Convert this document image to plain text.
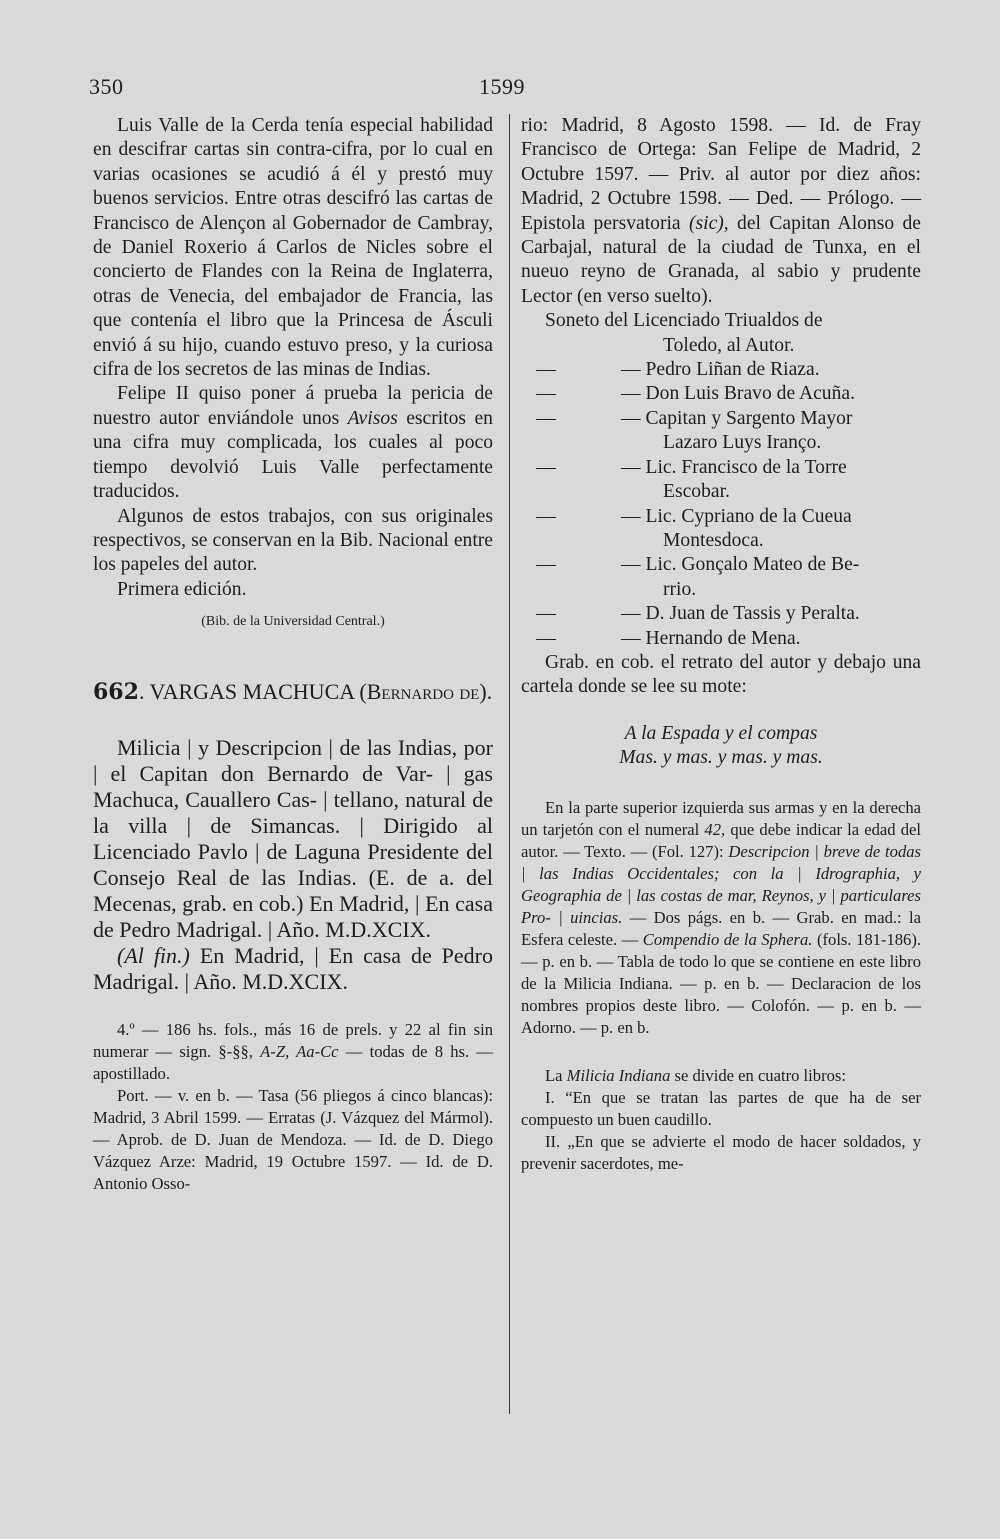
350	1599

Luis Valle de la Cerda tenía especial habilidad en descifrar cartas sin contra-cifra, por lo cual en varias ocasiones se acudió á él y prestó muy buenos servicios. Entre otras descifró las cartas de Francisco de Alençon al Gobernador de Cambray, de Daniel Roxerio á Carlos de Nicles sobre el concierto de Flandes con la Reina de Inglaterra, otras de Venecia, del embajador de Francia, las que contenía el libro que la Princesa de Ásculi envió á su hijo, cuando estuvo preso, y la curiosa cifra de los secretos de las minas de Indias.

Felipe II quiso poner á prueba la pericia de nuestro autor enviándole unos Avisos escritos en una cifra muy complicada, los cuales al poco tiempo devolvió Luis Valle perfectamente traducidos.

Algunos de estos trabajos, con sus originales respectivos, se conservan en la Bib. Nacional entre los papeles del autor.

Primera edición.

(Bib. de la Universidad Central.)

662. VARGAS MACHUCA (Bernardo de).

Milicia | y Descripcion | de las Indias, por | el Capitan don Bernardo de Var- | gas Machuca, Cauallero Cas- | tellano, natural de la villa | de Simancas. | Dirigido al Licenciado Pavlo | de Laguna Presidente del Consejo Real de las Indias. (E. de a. del Mecenas, grab. en cob.) En Madrid, | En casa de Pedro Madrigal. | Año. M.D.XCIX.

(Al fin.) En Madrid, | En casa de Pedro Madrigal. | Año. M.D.XCIX.

4.º — 186 hs. fols., más 16 de prels. y 22 al fin sin numerar — sign. §-§§, A-Z, Aa-Cc — todas de 8 hs. — apostillado.

Port. — v. en b. — Tasa (56 pliegos á cinco blancas): Madrid, 3 Abril 1599. — Erratas (J. Vázquez del Mármol). — Aprob. de D. Juan de Mendoza. — Id. de D. Diego Vázquez Arze: Madrid, 19 Octubre 1597. — Id. de D. Antonio Osso-

rio: Madrid, 8 Agosto 1598. — Id. de Fray Francisco de Ortega: San Felipe de Madrid, 2 Octubre 1597. — Priv. al autor por diez años: Madrid, 2 Octubre 1598. — Ded. — Prólogo. — Epistola persvatoria (sic), del Capitan Alonso de Carbajal, natural de la ciudad de Tunxa, en el nueuo reyno de Granada, al sabio y prudente Lector (en verso suelto).

Soneto del Licenciado Triualdos de

Toledo, al Autor.

—	— Pedro Liñan de Riaza.
—	— Don Luis Bravo de Acuña.
—	— Capitan y Sargento Mayor

Lazaro Luys Iranço.

—	— Lic. Francisco de la Torre

Escobar.

—	— Lic. Cypriano de la Cueua

Montesdoca.

—	— Lic. Gonçalo Mateo de Be-

rrio.

—	— D. Juan de Tassis y Peralta.
—	— Hernando de Mena.

Grab. en cob. el retrato del autor y debajo una cartela donde se lee su mote:

A la Espada y el compas

Mas. y mas. y mas. y mas.

En la parte superior izquierda sus armas y en la derecha un tarjetón con el numeral 42, que debe indicar la edad del autor. — Texto. — (Fol. 127): Descripcion | breve de todas | las Indias Occidentales; con la | Idrographia, y Geographia de | las costas de mar, Reynos, y | particulares Pro- | uincias. — Dos págs. en b. — Grab. en mad.: la Esfera celeste. — Compendio de la Sphera. (fols. 181-186). — p. en b. — Tabla de todo lo que se contiene en este libro de la Milicia Indiana. — p. en b. — Declaracion de los nombres propios deste libro. — Colofón. — p. en b. — Adorno. — p. en b.

La Milicia Indiana se divide en cuatro libros:

I. “En que se tratan las partes de que ha de ser compuesto un buen caudillo.

II. „En que se advierte el modo de hacer soldados, y prevenir sacerdotes, me-
